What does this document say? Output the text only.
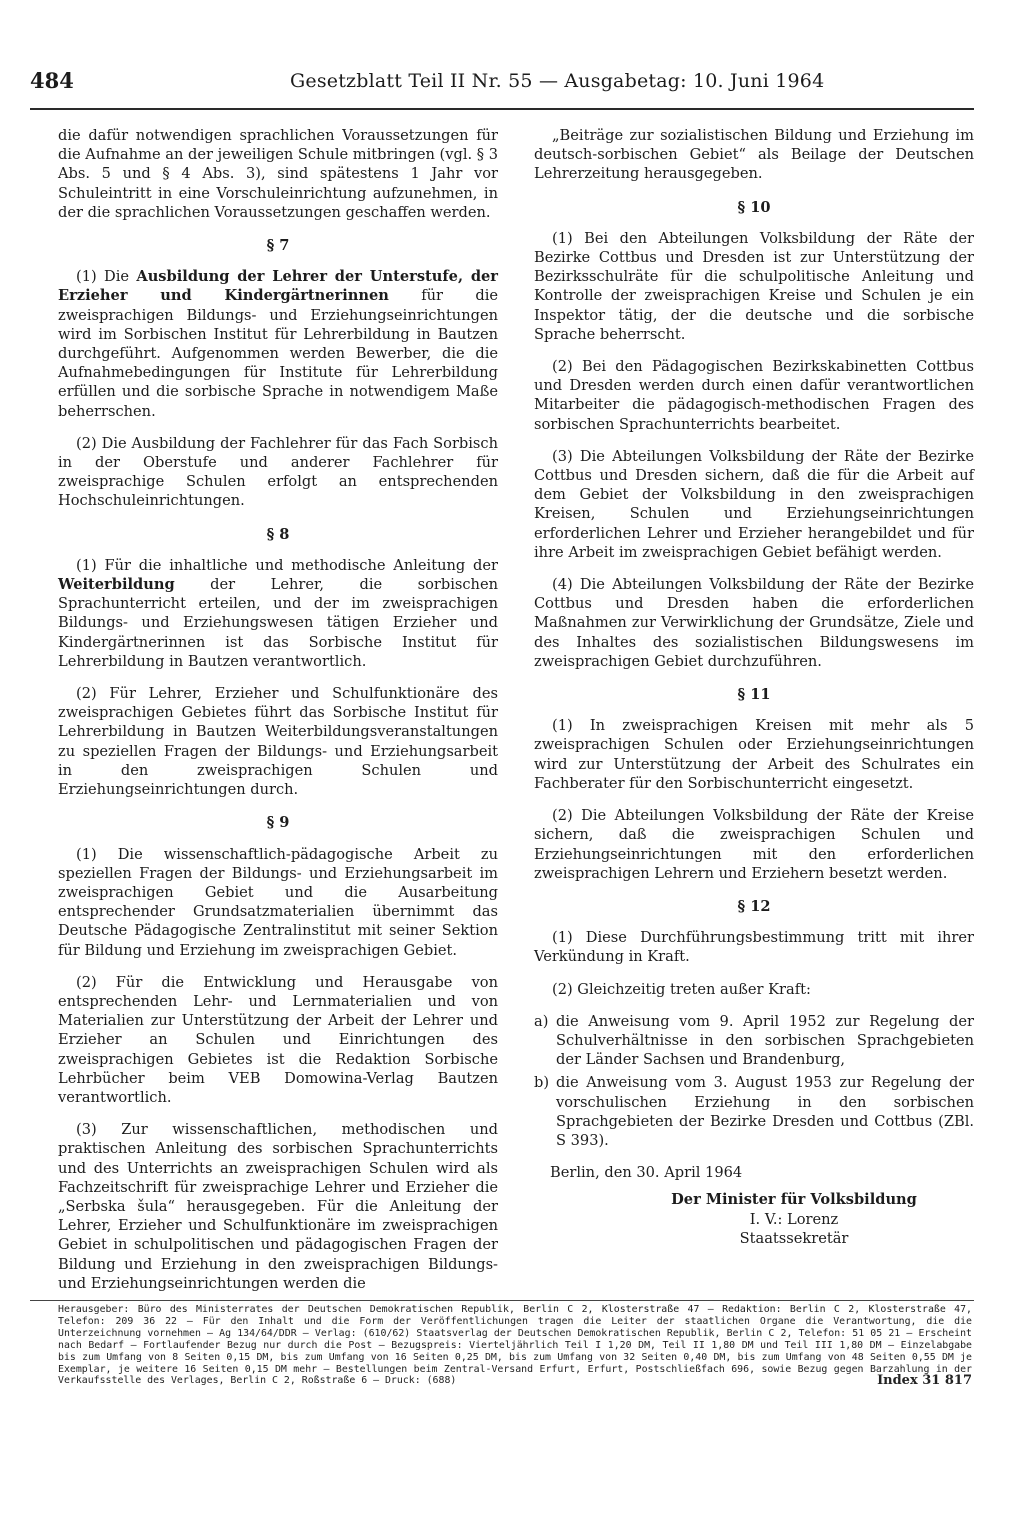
484	Gesetzblatt Teil II Nr. 55 — Ausgabetag: 10. Juni 1964

die dafür notwendigen sprachlichen Voraussetzungen für die Aufnahme an der jeweiligen Schule mitbringen (vgl. § 3 Abs. 5 und § 4 Abs. 3), sind spätestens 1 Jahr vor Schuleintritt in eine Vorschuleinrichtung aufzunehmen, in der die sprachlichen Voraussetzungen geschaffen werden.

§ 7

(1) Die Ausbildung der Lehrer der Unterstufe, der Erzieher und Kindergärtnerinnen für die zweisprachigen Bildungs- und Erziehungseinrichtungen wird im Sorbischen Institut für Lehrerbildung in Bautzen durchgeführt. Aufgenommen werden Bewerber, die die Aufnahmebedingungen für Institute für Lehrerbildung erfüllen und die sorbische Sprache in notwendigem Maße beherrschen.

(2) Die Ausbildung der Fachlehrer für das Fach Sorbisch in der Oberstufe und anderer Fachlehrer für zweisprachige Schulen erfolgt an entsprechenden Hochschuleinrichtungen.

§ 8

(1) Für die inhaltliche und methodische Anleitung der Weiterbildung der Lehrer, die sorbischen Sprachunterricht erteilen, und der im zweisprachigen Bildungs- und Erziehungswesen tätigen Erzieher und Kindergärtnerinnen ist das Sorbische Institut für Lehrerbildung in Bautzen verantwortlich.

(2) Für Lehrer, Erzieher und Schulfunktionäre des zweisprachigen Gebietes führt das Sorbische Institut für Lehrerbildung in Bautzen Weiterbildungsveranstaltungen zu speziellen Fragen der Bildungs- und Erziehungsarbeit in den zweisprachigen Schulen und Erziehungseinrichtungen durch.

§ 9

(1) Die wissenschaftlich-pädagogische Arbeit zu speziellen Fragen der Bildungs- und Erziehungsarbeit im zweisprachigen Gebiet und die Ausarbeitung entsprechender Grundsatzmaterialien übernimmt das Deutsche Pädagogische Zentralinstitut mit seiner Sektion für Bildung und Erziehung im zweisprachigen Gebiet.

(2) Für die Entwicklung und Herausgabe von entsprechenden Lehr- und Lernmaterialien und von Materialien zur Unterstützung der Arbeit der Lehrer und Erzieher an Schulen und Einrichtungen des zweisprachigen Gebietes ist die Redaktion Sorbische Lehrbücher beim VEB Domowina-Verlag Bautzen verantwortlich.

(3) Zur wissenschaftlichen, methodischen und praktischen Anleitung des sorbischen Sprachunterrichts und des Unterrichts an zweisprachigen Schulen wird als Fachzeitschrift für zweisprachige Lehrer und Erzieher die „Serbska šula“ herausgegeben. Für die Anleitung der Lehrer, Erzieher und Schulfunktionäre im zweisprachigen Gebiet in schulpolitischen und pädagogischen Fragen der Bildung und Erziehung in den zweisprachigen Bildungs- und Erziehungseinrichtungen werden die

„Beiträge zur sozialistischen Bildung und Erziehung im deutsch-sorbischen Gebiet“ als Beilage der Deutschen Lehrerzeitung herausgegeben.

§ 10

(1) Bei den Abteilungen Volksbildung der Räte der Bezirke Cottbus und Dresden ist zur Unterstützung der Bezirksschulräte für die schulpolitische Anleitung und Kontrolle der zweisprachigen Kreise und Schulen je ein Inspektor tätig, der die deutsche und die sorbische Sprache beherrscht.

(2) Bei den Pädagogischen Bezirkskabinetten Cottbus und Dresden werden durch einen dafür verantwortlichen Mitarbeiter die pädagogisch-methodischen Fragen des sorbischen Sprachunterrichts bearbeitet.

(3) Die Abteilungen Volksbildung der Räte der Bezirke Cottbus und Dresden sichern, daß die für die Arbeit auf dem Gebiet der Volksbildung in den zweisprachigen Kreisen, Schulen und Erziehungseinrichtungen erforderlichen Lehrer und Erzieher herangebildet und für ihre Arbeit im zweisprachigen Gebiet befähigt werden.

(4) Die Abteilungen Volksbildung der Räte der Bezirke Cottbus und Dresden haben die erforderlichen Maßnahmen zur Verwirklichung der Grundsätze, Ziele und des Inhaltes des sozialistischen Bildungswesens im zweisprachigen Gebiet durchzuführen.

§ 11

(1) In zweisprachigen Kreisen mit mehr als 5 zweisprachigen Schulen oder Erziehungseinrichtungen wird zur Unterstützung der Arbeit des Schulrates ein Fachberater für den Sorbischunterricht eingesetzt.

(2) Die Abteilungen Volksbildung der Räte der Kreise sichern, daß die zweisprachigen Schulen und Erziehungseinrichtungen mit den erforderlichen zweisprachigen Lehrern und Erziehern besetzt werden.

§ 12

(1) Diese Durchführungsbestimmung tritt mit ihrer Verkündung in Kraft.

(2) Gleichzeitig treten außer Kraft:

a) die Anweisung vom 9. April 1952 zur Regelung der Schulverhältnisse in den sorbischen Sprachgebieten der Länder Sachsen und Brandenburg,
b) die Anweisung vom 3. August 1953 zur Regelung der vorschulischen Erziehung in den sorbischen Sprachgebieten der Bezirke Dresden und Cottbus (ZBl. S 393).
Berlin, den 30. April 1964
Der Minister für Volksbildung
I. V.: Lorenz
Staatssekretär
Herausgeber: Büro des Ministerrates der Deutschen Demokratischen Republik, Berlin C 2, Klosterstraße 47 – Redaktion: Berlin C 2, Klosterstraße 47, Telefon: 209 36 22 – Für den Inhalt und die Form der Veröffentlichungen tragen die Leiter der staatlichen Organe die Verantwortung, die die Unterzeichnung vornehmen – Ag 134/64/DDR – Verlag: (610/62) Staatsverlag der Deutschen Demokratischen Republik, Berlin C 2, Telefon: 51 05 21 – Erscheint nach Bedarf – Fortlaufender Bezug nur durch die Post – Bezugspreis: Vierteljährlich Teil I 1,20 DM, Teil II 1,80 DM und Teil III 1,80 DM – Einzelabgabe bis zum Umfang von 8 Seiten 0,15 DM, bis zum Umfang von 16 Seiten 0,25 DM, bis zum Umfang von 32 Seiten 0,40 DM, bis zum Umfang von 48 Seiten 0,55 DM je Exemplar, je weitere 16 Seiten 0,15 DM mehr – Bestellungen beim Zentral-Versand Erfurt, Erfurt, Postschließfach 696, sowie Bezug gegen Barzahlung in der Verkaufsstelle des Verlages, Berlin C 2, Roßstraße 6 – Druck: (688)	Index 31 817
